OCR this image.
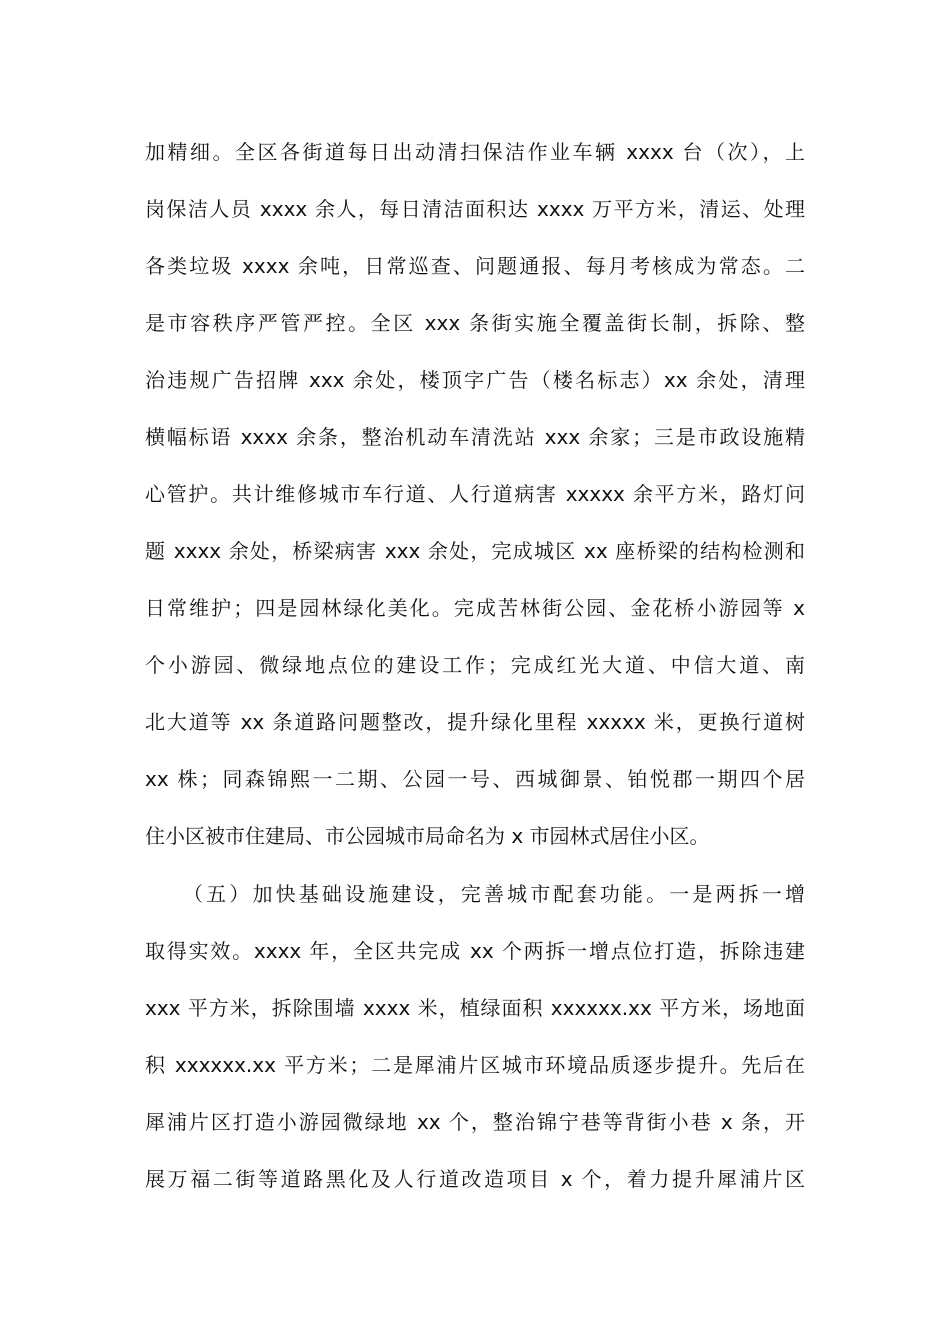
加精细。全区各街道每日出动清扫保洁作业车辆 xxxx 台（次），上
岗保洁人员 xxxx 余人，每日清洁面积达 xxxx 万平方米，清运、处理
各类垃圾 xxxx 余吨，日常巡查、问题通报、每月考核成为常态。二
是市容秩序严管严控。全区 xxx 条街实施全覆盖街长制，拆除、整
治违规广告招牌 xxx 余处，楼顶字广告（楼名标志）xx 余处，清理
横幅标语 xxxx 余条，整治机动车清洗站 xxx 余家；三是市政设施精
心管护。共计维修城市车行道、人行道病害 xxxxx 余平方米，路灯问
题 xxxx 余处，桥梁病害 xxx 余处，完成城区 xx 座桥梁的结构检测和
日常维护；四是园林绿化美化。完成苦林街公园、金花桥小游园等 x
个小游园、微绿地点位的建设工作；完成红光大道、中信大道、南
北大道等 xx 条道路问题整改，提升绿化里程 xxxxx 米，更换行道树
xx 株；同森锦熙一二期、公园一号、西城御景、铂悦郡一期四个居
住小区被市住建局、市公园城市局命名为 x 市园林式居住小区。
（五）加快基础设施建设，完善城市配套功能。一是两拆一增
取得实效。xxxx 年，全区共完成 xx 个两拆一增点位打造，拆除违建
xxx 平方米，拆除围墙 xxxx 米，植绿面积 xxxxxx.xx 平方米，场地面
积 xxxxxx.xx 平方米；二是犀浦片区城市环境品质逐步提升。先后在
犀浦片区打造小游园微绿地 xx 个，整治锦宁巷等背街小巷 x 条，开
展万福二街等道路黑化及人行道改造项目 x 个，着力提升犀浦片区
